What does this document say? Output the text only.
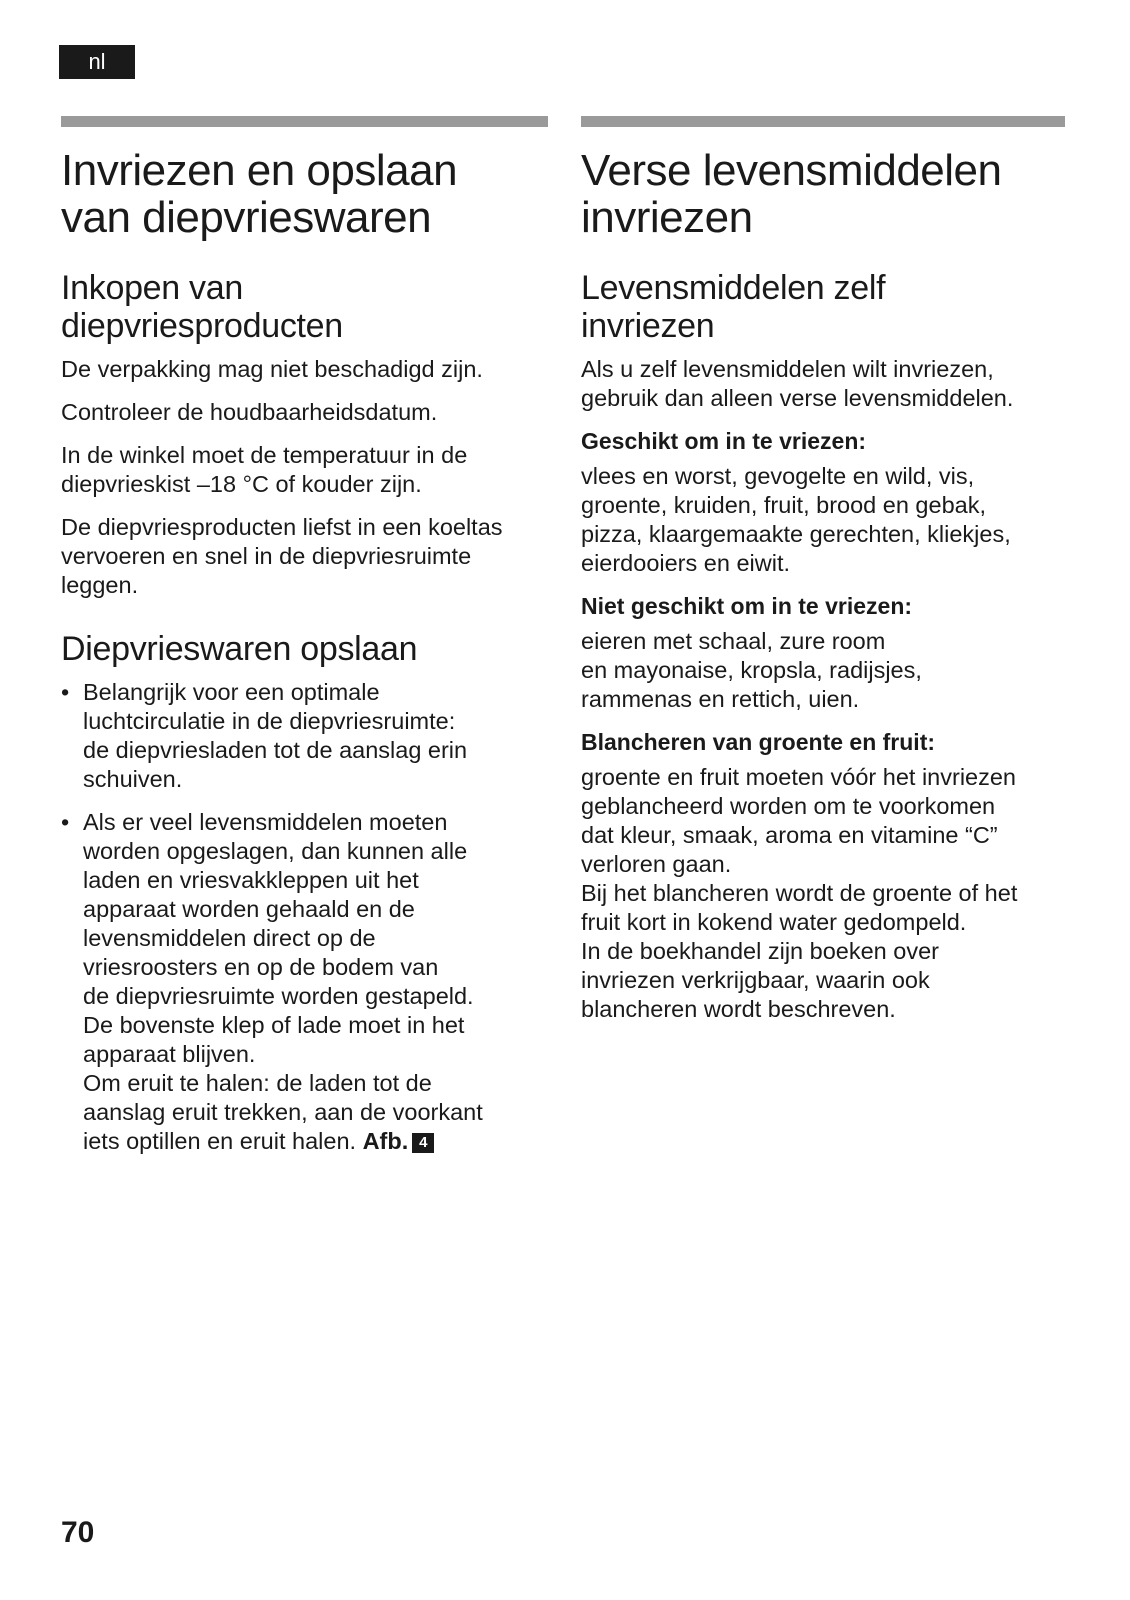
nl
Invriezen en opslaan
van diepvrieswaren
Inkopen van
diepvriesproducten

De verpakking mag niet beschadigd zijn.

Controleer de houdbaarheidsdatum.

In de winkel moet de temperatuur in de
diepvrieskist –18 °C of kouder zijn.

De diepvriesproducten liefst in een koeltas
vervoeren en snel in de diepvriesruimte
leggen.

Diepvrieswaren opslaan
• Belangrijk voor een optimale
luchtcirculatie in de diepvriesruimte:
de diepvriesladen tot de aanslag erin
schuiven.
• Als er veel levensmiddelen moeten
worden opgeslagen, dan kunnen alle
laden en vriesvakkleppen uit het
apparaat worden gehaald en de
levensmiddelen direct op de
vriesroosters en op de bodem van
de diepvriesruimte worden gestapeld.
De bovenste klep of lade moet in het
apparaat blijven.
Om eruit te halen: de laden tot de
aanslag eruit trekken, aan de voorkant
iets optillen en eruit halen. Afb. 4
Verse levensmiddelen
invriezen
Levensmiddelen zelf
invriezen

Als u zelf levensmiddelen wilt invriezen,
gebruik dan alleen verse levensmiddelen.

Geschikt om in te vriezen:

vlees en worst, gevogelte en wild, vis,
groente, kruiden, fruit, brood en gebak,
pizza, klaargemaakte gerechten, kliekjes,
eierdooiers en eiwit.

Niet geschikt om in te vriezen:

eieren met schaal, zure room
en mayonaise, kropsla, radijsjes,
rammenas en rettich, uien.

Blancheren van groente en fruit:

groente en fruit moeten vóór het invriezen
geblancheerd worden om te voorkomen
dat kleur, smaak, aroma en vitamine “C”
verloren gaan.
Bij het blancheren wordt de groente of het
fruit kort in kokend water gedompeld.
In de boekhandel zijn boeken over
invriezen verkrijgbaar, waarin ook
blancheren wordt beschreven.

70
